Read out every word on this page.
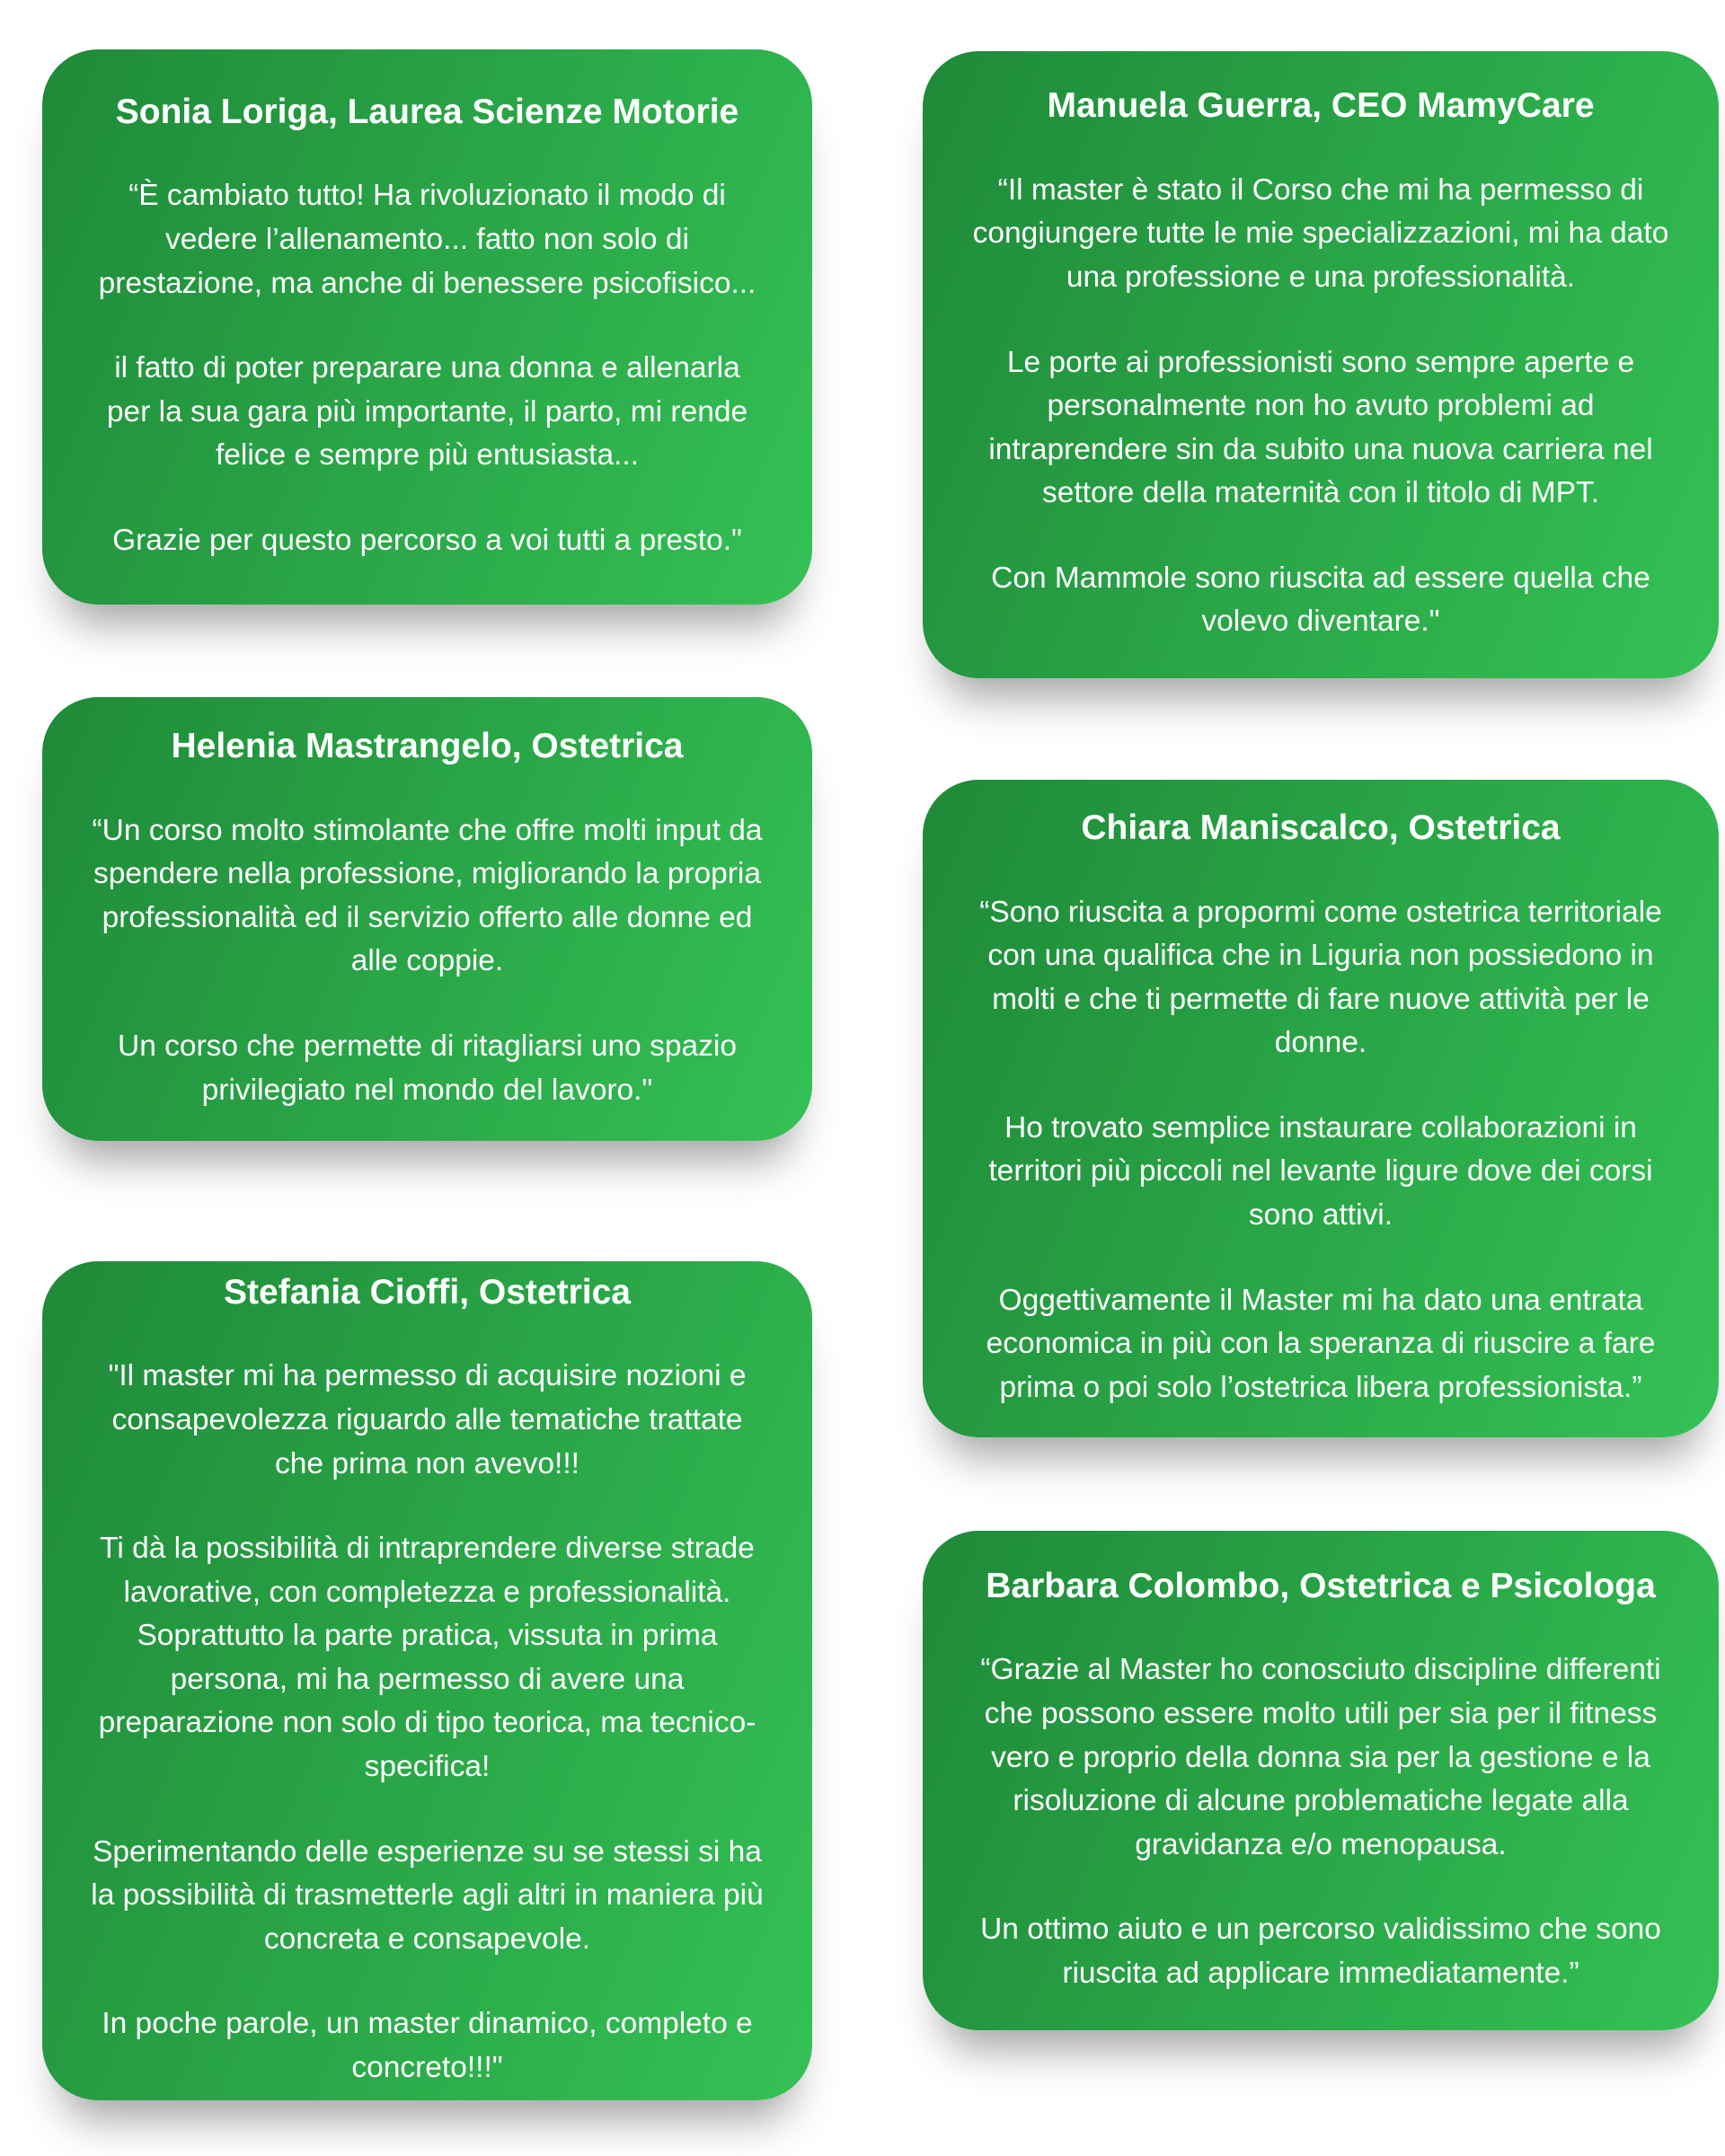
Sonia Loriga, Laurea Scienze Motorie

“È cambiato tutto! Ha rivoluzionato il modo di vedere l’allenamento... fatto non solo di prestazione, ma anche di benessere psicofisico...

il fatto di poter preparare una donna e allenarla per la sua gara più importante, il parto, mi rende felice e sempre più entusiasta...

Grazie per questo percorso a voi tutti a presto."

Helenia Mastrangelo, Ostetrica

“Un corso molto stimolante che offre molti input da spendere nella professione, migliorando la propria professionalità ed il servizio offerto alle donne ed alle coppie.

Un corso che permette di ritagliarsi uno spazio privilegiato nel mondo del lavoro."

Stefania Cioffi, Ostetrica

"Il master mi ha permesso di acquisire nozioni e consapevolezza riguardo alle tematiche trattate che prima non avevo!!!

Ti dà la possibilità di intraprendere diverse strade lavorative, con completezza e professionalità. Soprattutto la parte pratica, vissuta in prima persona, mi ha permesso di avere una preparazione non solo di tipo teorica, ma tecnico-specifica!

Sperimentando delle esperienze su se stessi si ha la possibilità di trasmetterle agli altri in maniera più concreta e consapevole.

In poche parole, un master dinamico, completo e concreto!!!"

Manuela Guerra, CEO MamyCare

“Il master è stato il Corso che mi ha permesso di congiungere tutte le mie specializzazioni, mi ha dato una professione e una professionalità.

Le porte ai professionisti sono sempre aperte e personalmente non ho avuto problemi ad intraprendere sin da subito una nuova carriera nel settore della maternità con il titolo di MPT.

Con Mammole sono riuscita ad essere quella che volevo diventare."

Chiara Maniscalco, Ostetrica

“Sono riuscita a propormi come ostetrica territoriale con una qualifica che in Liguria non possiedono in molti e che ti permette di fare nuove attività per le donne.

Ho trovato semplice instaurare collaborazioni in territori più piccoli nel levante ligure dove dei corsi sono attivi.

Oggettivamente il Master mi ha dato una entrata economica in più con la speranza di riuscire a fare prima o poi solo l’ostetrica libera professionista.”

Barbara Colombo, Ostetrica e Psicologa

“Grazie al Master ho conosciuto discipline differenti che possono essere molto utili per sia per il fitness vero e proprio della donna sia per la gestione e la risoluzione di alcune problematiche legate alla gravidanza e/o menopausa.

Un ottimo aiuto e un percorso validissimo che sono riuscita ad applicare immediatamente.”
